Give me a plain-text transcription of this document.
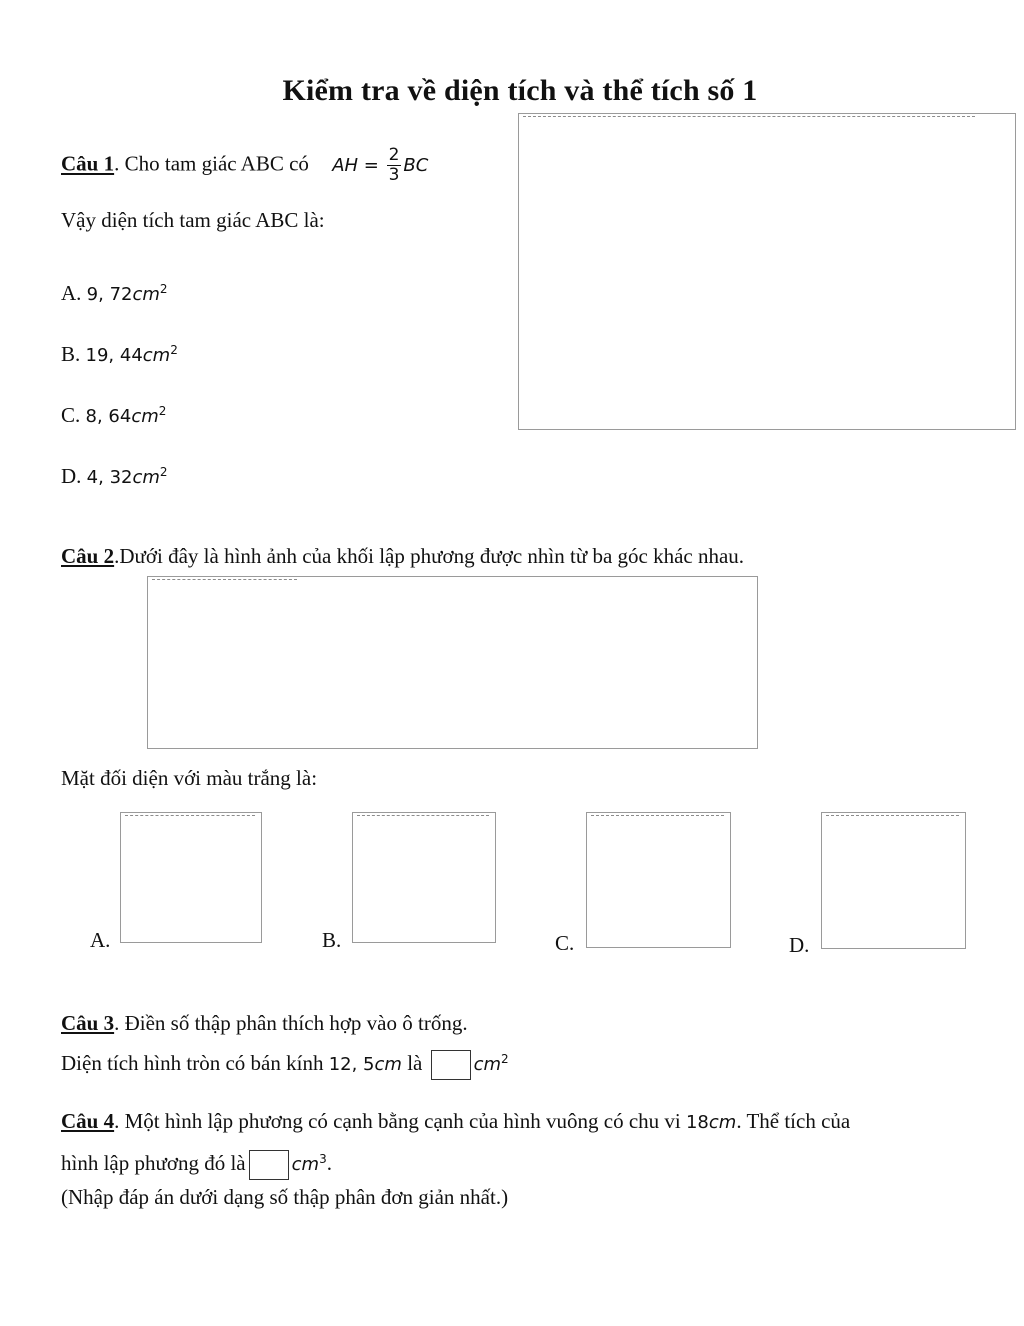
Kiểm tra về diện tích và thể tích số 1
Câu 1. Cho tam giác ABC có AH = $\frac{2}{3}$ BC
Vậy diện tích tam giác ABC là:
A. 9, $72cm^2$
B. 19, $44cm^2$
C. 8, $64cm^2$
D. 4, $32cm^2$
Câu 2.Dưới đây là hình ảnh của khối lập phương được nhìn từ ba góc khác nhau.
Mặt đối diện với màu trắng là:
A.	B.	C.	D.
Câu 3. Điền số thập phân thích hợp vào ô trống.
Diện tích hình tròn có bán kính 12, 5cm là	$cm^2$
Câu 4. Một hình lập phương có cạnh bằng cạnh của hình vuông có chu vi 18cm. Thể tích của
hình lập phương đó là	$cm^3$.
(Nhập đáp án dưới dạng số thập phân đơn giản nhất.)
